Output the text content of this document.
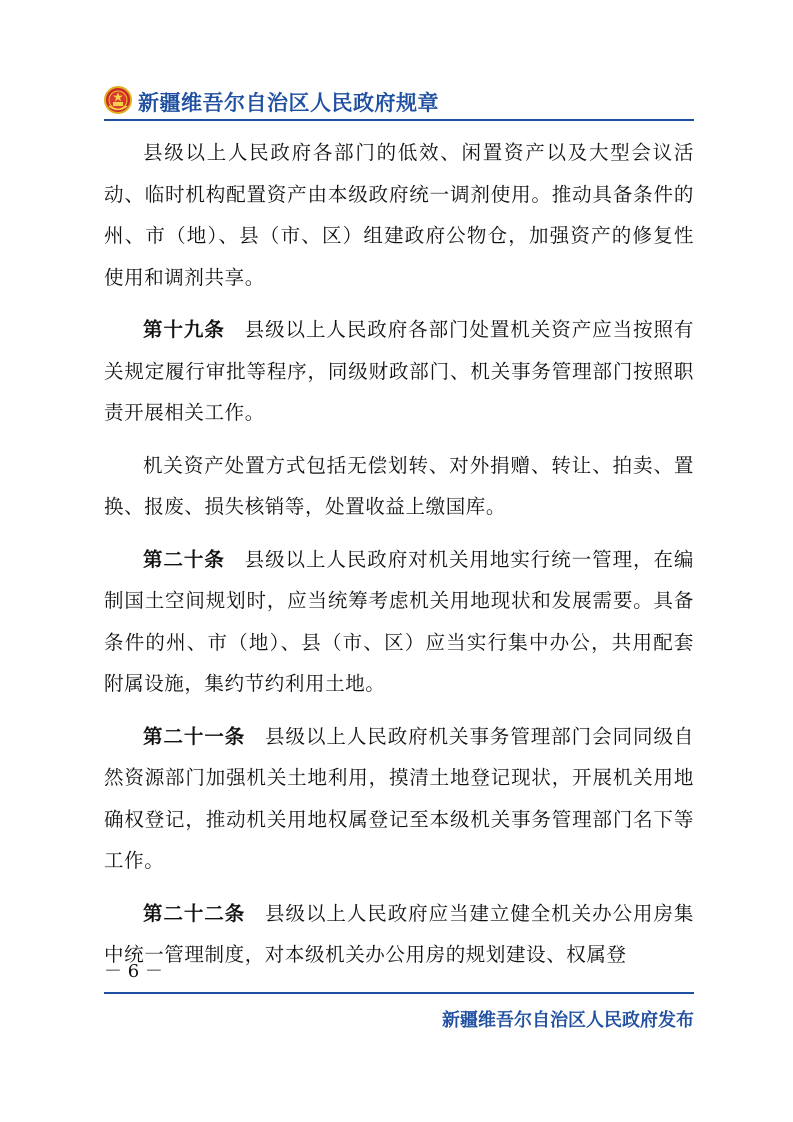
新疆维吾尔自治区人民政府规章

县级以上人民政府各部门的低效、闲置资产以及大型会议活动、临时机构配置资产由本级政府统一调剂使用。推动具备条件的州、市（地）、县（市、区）组建政府公物仓，加强资产的修复性使用和调剂共享。

第十九条 县级以上人民政府各部门处置机关资产应当按照有关规定履行审批等程序，同级财政部门、机关事务管理部门按照职责开展相关工作。

机关资产处置方式包括无偿划转、对外捐赠、转让、拍卖、置换、报废、损失核销等，处置收益上缴国库。

第二十条 县级以上人民政府对机关用地实行统一管理，在编制国土空间规划时，应当统筹考虑机关用地现状和发展需要。具备条件的州、市（地）、县（市、区）应当实行集中办公，共用配套附属设施，集约节约利用土地。

第二十一条 县级以上人民政府机关事务管理部门会同同级自然资源部门加强机关土地利用，摸清土地登记现状，开展机关用地确权登记，推动机关用地权属登记至本级机关事务管理部门名下等工作。

第二十二条 县级以上人民政府应当建立健全机关办公用房集中统一管理制度，对本级机关办公用房的规划建设、权属登

－ 6 －
新疆维吾尔自治区人民政府发布
